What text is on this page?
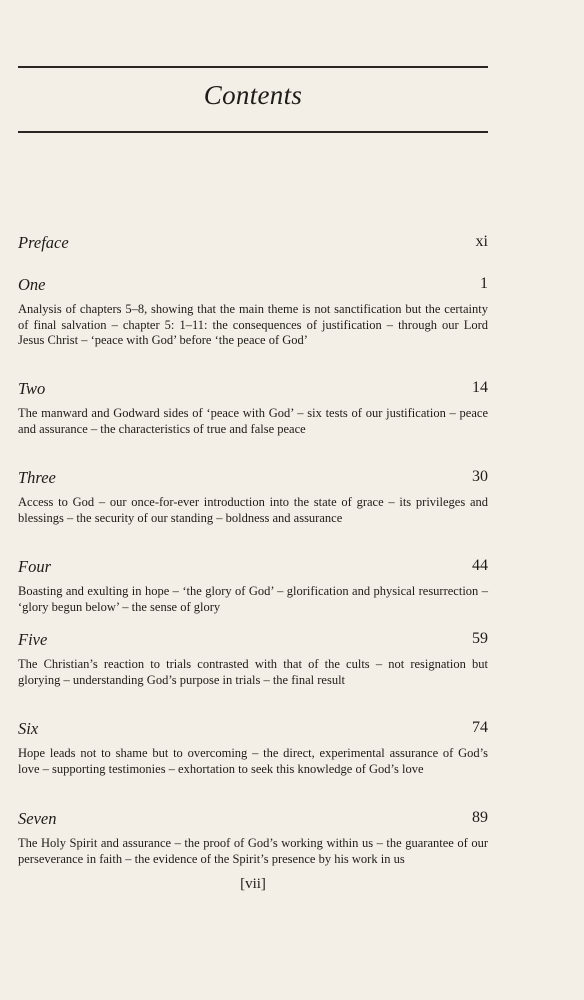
Contents
Preface	xi
One	1
Analysis of chapters 5–8, showing that the main theme is not sanctification but the certainty of final salvation – chapter 5: 1–11: the consequences of justification – through our Lord Jesus Christ – ‘peace with God’ before ‘the peace of God’
Two	14
The manward and Godward sides of ‘peace with God’ – six tests of our justification – peace and assurance – the characteristics of true and false peace
Three	30
Access to God – our once-for-ever introduction into the state of grace – its privileges and blessings – the security of our standing – boldness and assurance
Four	44
Boasting and exulting in hope – ‘the glory of God’ – glorification and physical resurrection – ‘glory begun below’ – the sense of glory
Five	59
The Christian’s reaction to trials contrasted with that of the cults – not resignation but glorying – understanding God’s purpose in trials – the final result
Six	74
Hope leads not to shame but to overcoming – the direct, experimental assurance of God’s love – supporting testimonies – exhortation to seek this knowledge of God’s love
Seven	89
The Holy Spirit and assurance – the proof of God’s working within us – the guarantee of our perseverance in faith – the evidence of the Spirit’s presence by his work in us
[vii]
